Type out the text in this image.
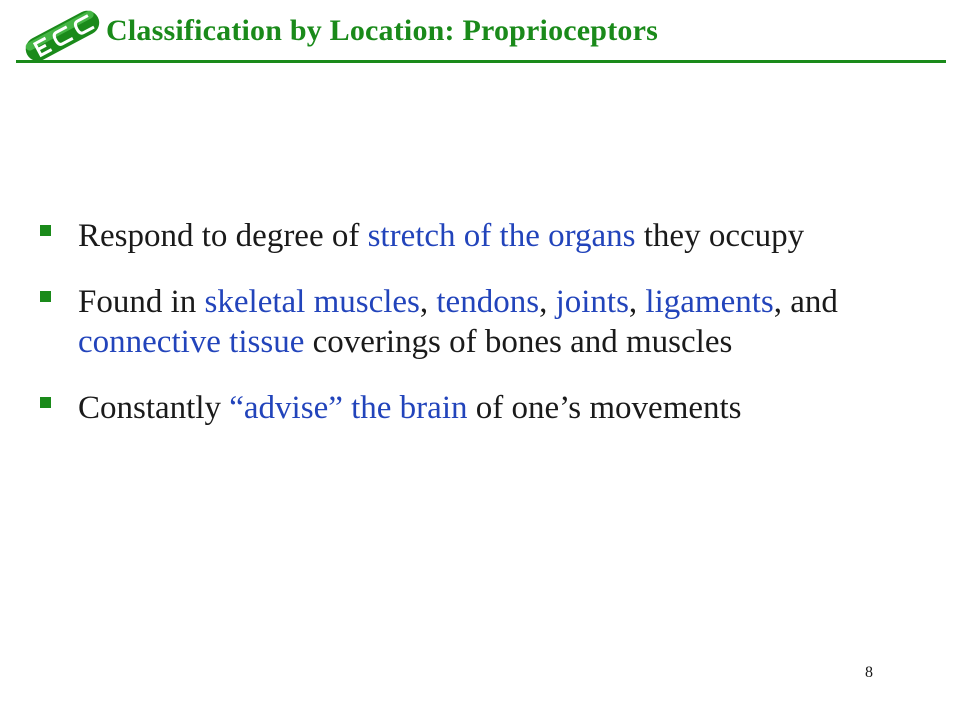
Classification by Location: Proprioceptors
Respond to degree of stretch of the organs they occupy
Found in skeletal muscles, tendons, joints, ligaments, and connective tissue coverings of bones and muscles
Constantly “advise” the brain of one’s movements
8
